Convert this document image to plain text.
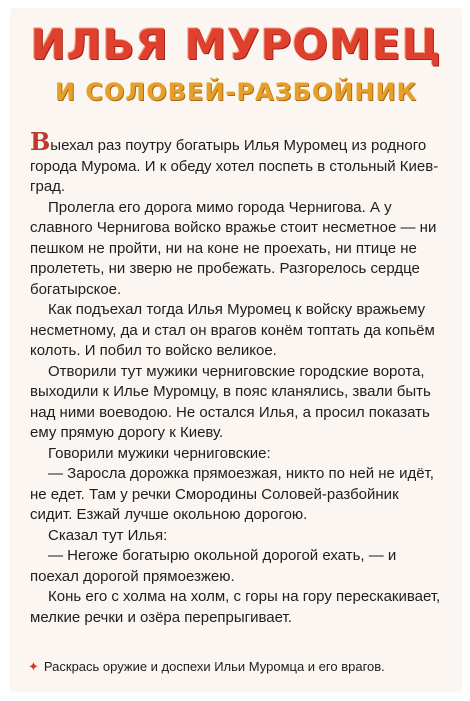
ИЛЬЯ МУРОМЕЦ
И СОЛОВЕЙ-РАЗБОЙНИК

Выехал раз поутру богатырь Илья Муромец из родного города Мурома. И к обеду хотел поспеть в стольный Киев-град.

Пролегла его дорога мимо города Чернигова. А у славного Чернигова войско вражье стоит несметное — ни пешком не пройти, ни на коне не проехать, ни птице не пролететь, ни зверю не пробежать. Разгорелось сердце богатырское.

Как подъехал тогда Илья Муромец к войску вражьему несметному, да и стал он врагов конём топтать да копьём колоть. И побил то войско великое.

Отворили тут мужики черниговские городские ворота, выходили к Илье Муромцу, в пояс кланялись, звали быть над ними воеводою. Не остался Илья, а просил показать ему прямую дорогу к Киеву.

Говорили мужики черниговские:

— Заросла дорожка прямоезжая, никто по ней не идёт, не едет. Там у речки Смородины Соловей-разбойник сидит. Езжай лучше окольною дорогою.

Сказал тут Илья:

— Негоже богатырю окольной дорогой ехать, — и поехал дорогой прямоезжею.

Конь его с холма на холм, с горы на гору перескакивает, мелкие речки и озёра перепрыгивает.

✦ Раскрась оружие и доспехи Ильи Муромца и его врагов.
